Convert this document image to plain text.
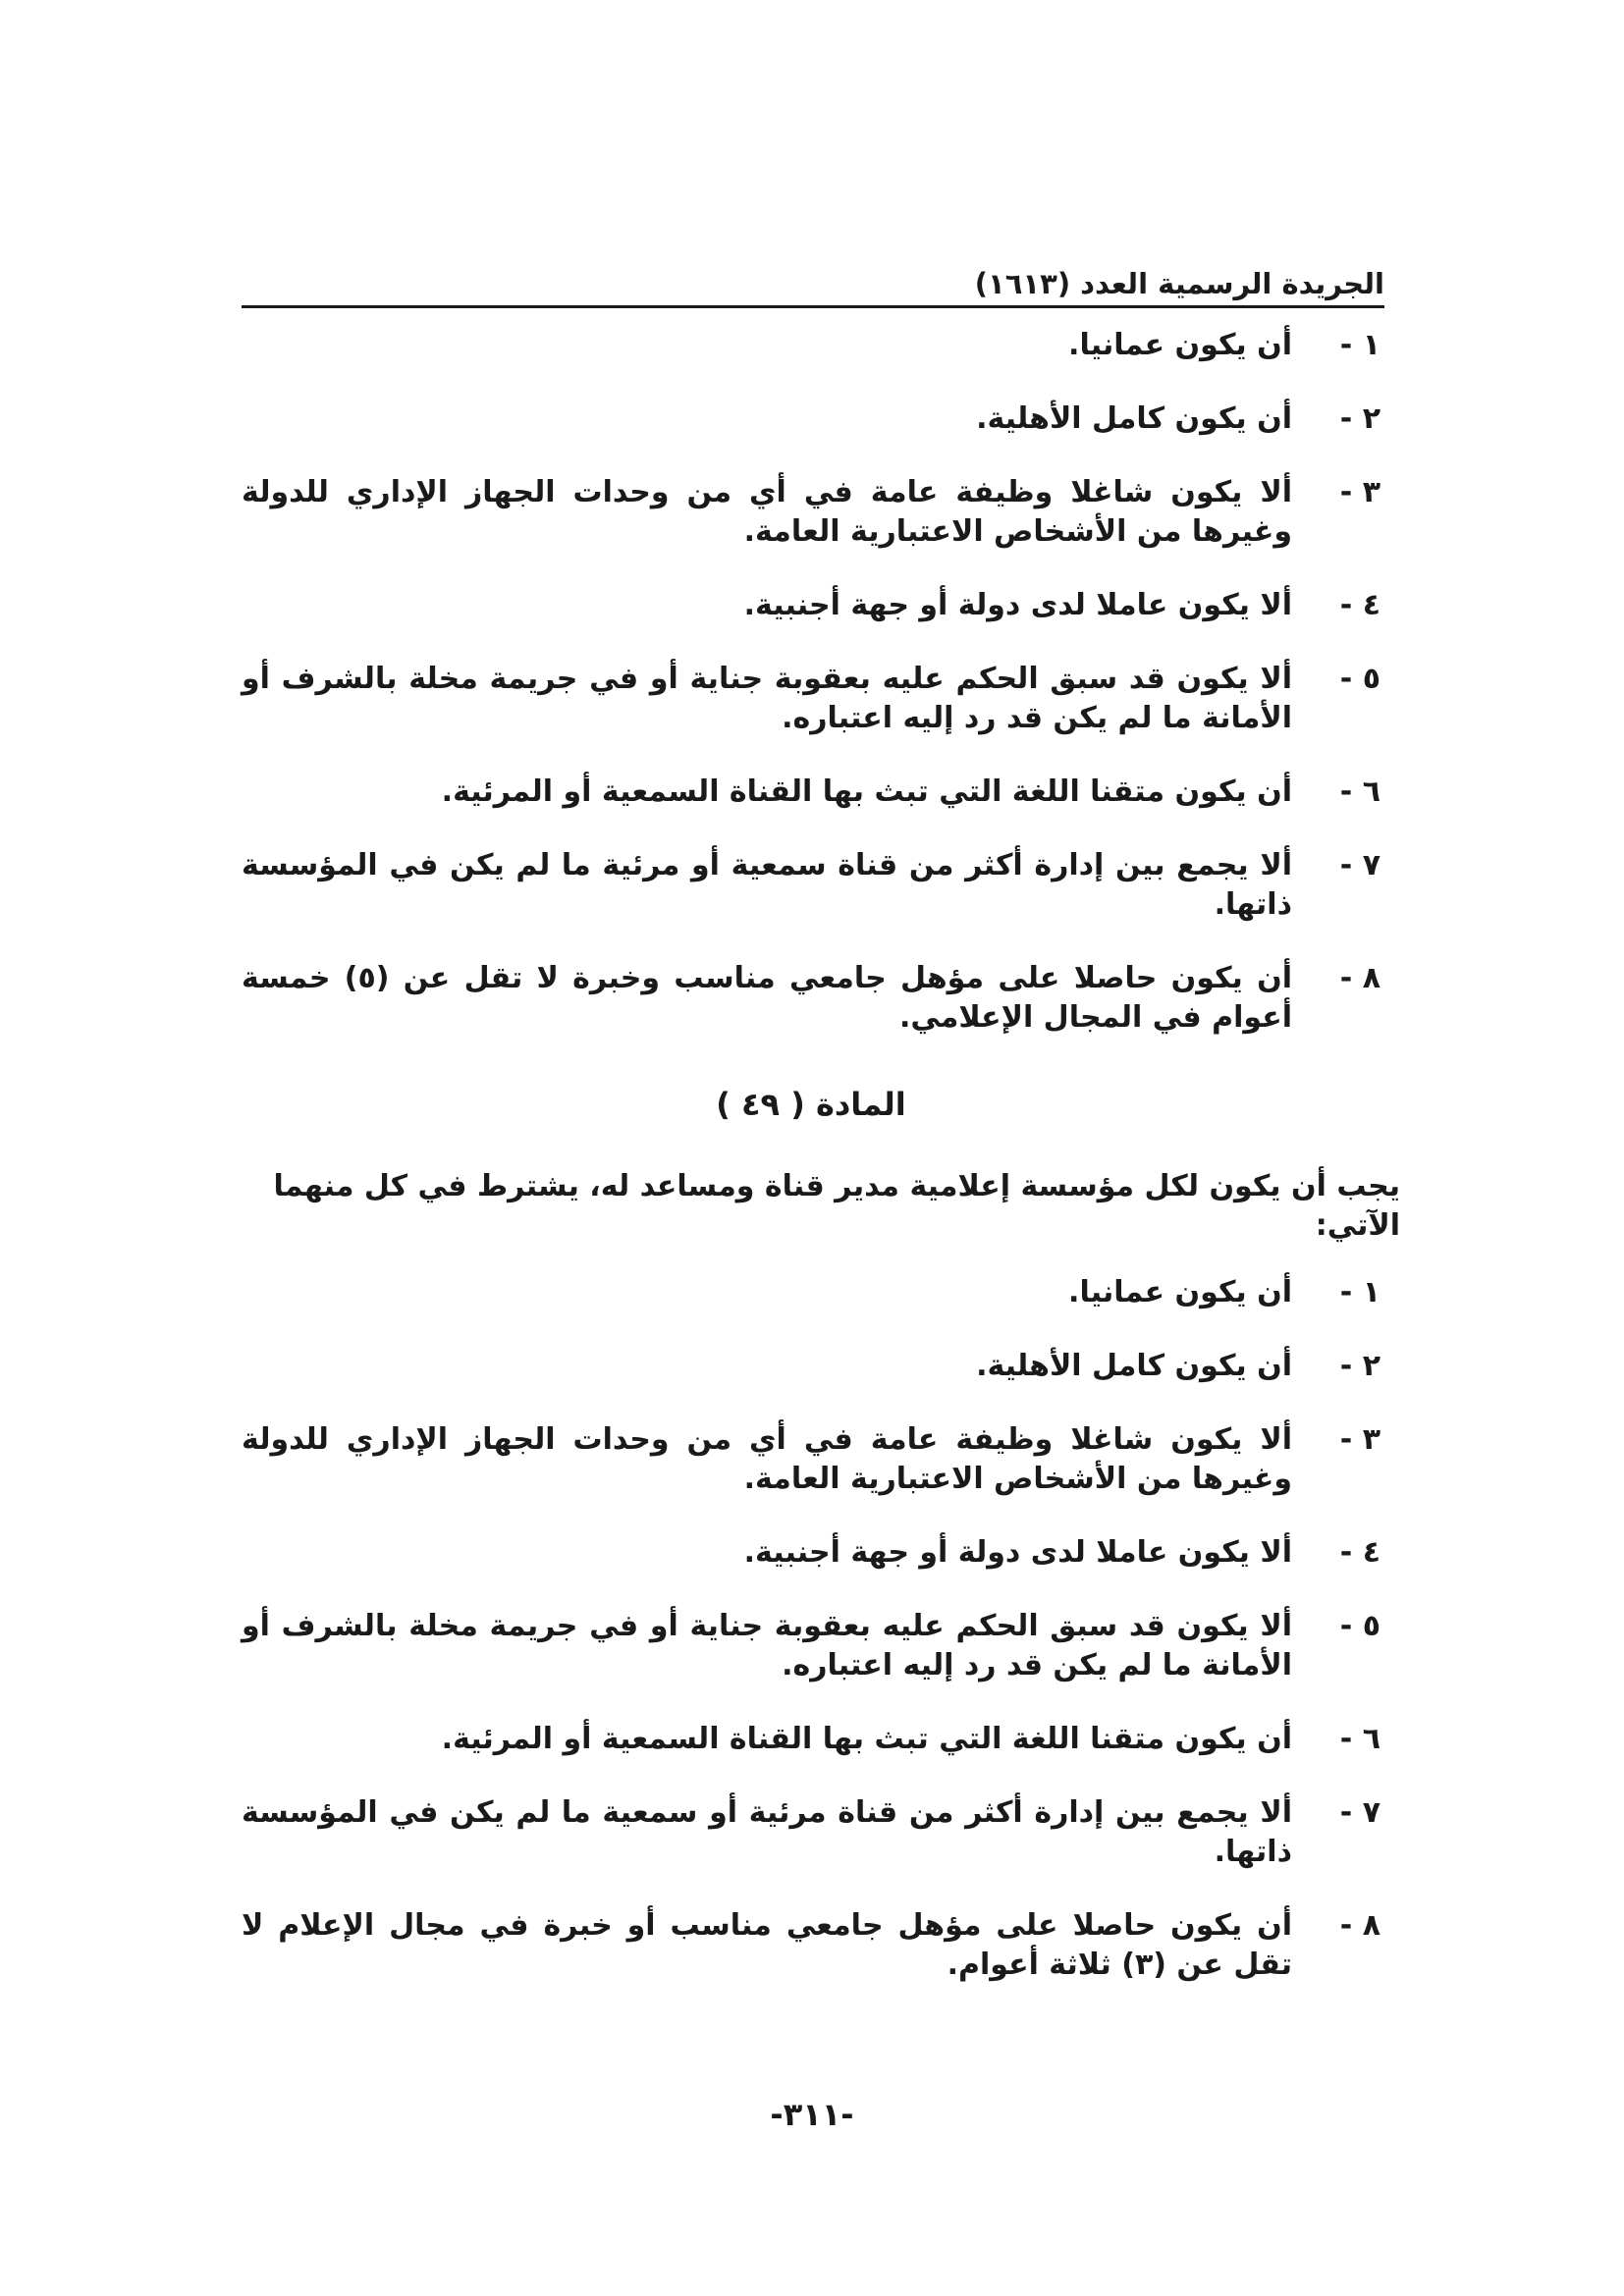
الجريدة الرسمية العدد (١٦١٣)
١ -
أن يكون عمانيا.
٢ -
أن يكون كامل الأهلية.
٣ -
ألا يكون شاغلا وظيفة عامة في أي من وحدات الجهاز الإداري للدولة وغيرها من الأشخاص الاعتبارية العامة.
٤ -
ألا يكون عاملا لدى دولة أو جهة أجنبية.
٥ -
ألا يكون قد سبق الحكم عليه بعقوبة جناية أو في جريمة مخلة بالشرف أو الأمانة ما لم يكن قد رد إليه اعتباره.
٦ -
أن يكون متقنا اللغة التي تبث بها القناة السمعية أو المرئية.
٧ -
ألا يجمع بين إدارة أكثر من قناة سمعية أو مرئية ما لم يكن في المؤسسة ذاتها.
٨ -
أن يكون حاصلا على مؤهل جامعي مناسب وخبرة لا تقل عن (٥) خمسة أعوام في المجال الإعلامي.
المادة ( ٤٩ )
يجب أن يكون لكل مؤسسة إعلامية مدير قناة ومساعد له، يشترط في كل منهما الآتي:
١ -
أن يكون عمانيا.
٢ -
أن يكون كامل الأهلية.
٣ -
ألا يكون شاغلا وظيفة عامة في أي من وحدات الجهاز الإداري للدولة وغيرها من الأشخاص الاعتبارية العامة.
٤ -
ألا يكون عاملا لدى دولة أو جهة أجنبية.
٥ -
ألا يكون قد سبق الحكم عليه بعقوبة جناية أو في جريمة مخلة بالشرف أو الأمانة ما لم يكن قد رد إليه اعتباره.
٦ -
أن يكون متقنا اللغة التي تبث بها القناة السمعية أو المرئية.
٧ -
ألا يجمع بين إدارة أكثر من قناة مرئية أو سمعية ما لم يكن في المؤسسة ذاتها.
٨ -
أن يكون حاصلا على مؤهل جامعي مناسب أو خبرة في مجال الإعلام لا تقل عن (٣) ثلاثة أعوام.
-٣١١-
